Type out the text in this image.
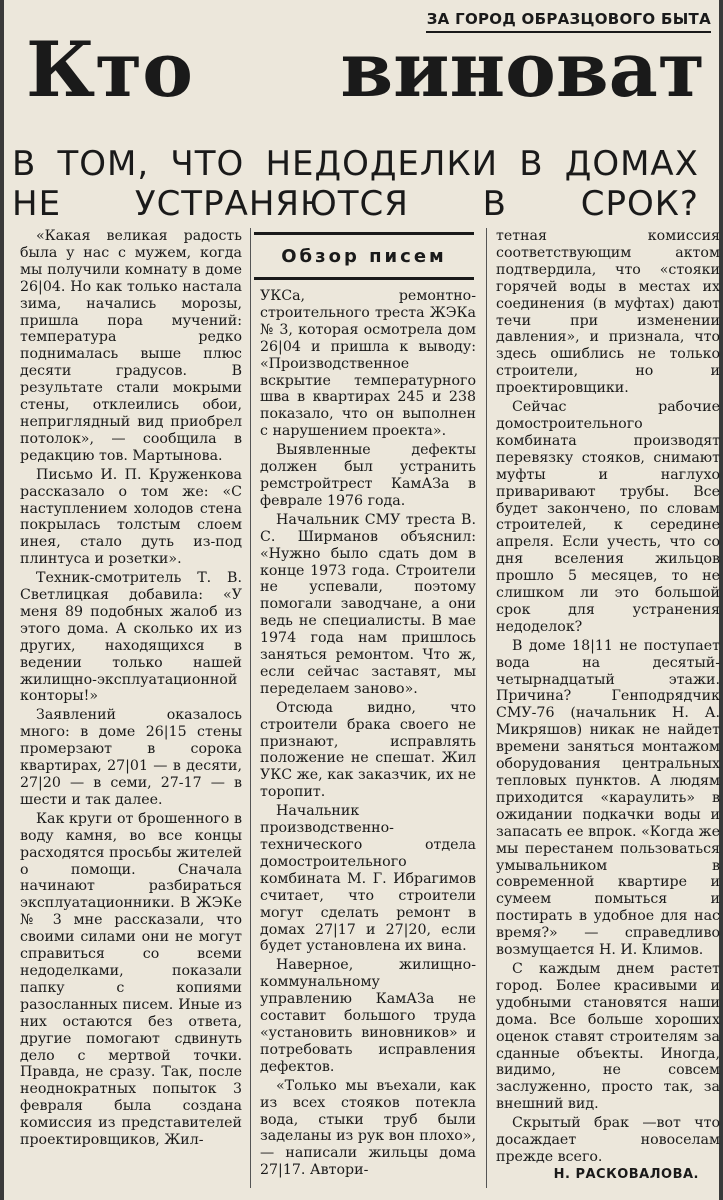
ЗА ГОРОД ОБРАЗЦОВОГО БЫТА
Кто виноват
В ТОМ, ЧТО НЕДОДЕЛКИ В ДОМАХ
НЕ УСТРАНЯЮТСЯ В СРОК?

«Какая великая радость была у нас с мужем, когда мы получили комнату в доме 26|04. Но как только настала зима, начались морозы, пришла пора мучений: температура редко поднималась выше плюс десяти градусов. В результате стали мокрыми стены, отклеились обои, неприглядный вид приобрел потолок», — сообщила в редакцию тов. Мартынова.

Письмо И. П. Круженкова рассказало о том же: «С наступлением холодов стена покрылась толстым слоем инея, стало дуть из-под плинтуса и розетки».

Техник-смотритель Т. В. Светлицкая добавила: «У меня 89 подобных жалоб из этого дома. А сколько их из других, находящихся в ведении только нашей жилищно-эксплуатационной конторы!»

Заявлений оказалось много: в доме 26|15 стены промерзают в сорока квартирах, 27|01 — в десяти, 27|20 — в семи, 27-17 — в шести и так далее.

Как круги от брошенного в воду камня, во все концы расходятся просьбы жителей о помощи. Сначала начинают разбираться эксплуатационники. В ЖЭКе № 3 мне рассказали, что своими силами они не могут справиться со всеми недоделками, показали папку с копиями разосланных писем. Иные из них остаются без ответа, другие помогают сдвинуть дело с мертвой точки. Правда, не сразу. Так, после неоднократных попыток 3 февраля была создана комиссия из представителей проектировщиков, Жил-

Обзор писем

УКСа, ремонтно-строительного треста ЖЭКа № 3, которая осмотрела дом 26|04 и пришла к выводу: «Производственное вскрытие температурного шва в квартирах 245 и 238 показало, что он выполнен с нарушением проекта».

Выявленные дефекты должен был устранить ремстройтрест КамАЗа в феврале 1976 года.

Начальник СМУ треста В. С. Ширманов объяснил: «Нужно было сдать дом в конце 1973 года. Строители не успевали, поэтому помогали заводчане, а они ведь не специалисты. В мае 1974 года нам пришлось заняться ремонтом. Что ж, если сейчас заставят, мы переделаем заново».

Отсюда видно, что строители брака своего не признают, исправлять положение не спешат. Жил УКС же, как заказчик, их не торопит.

Начальник производственно-технического отдела домостроительного комбината М. Г. Ибрагимов считает, что строители могут сделать ремонт в домах 27|17 и 27|20, если будет установлена их вина.

Наверное, жилищно-коммунальному управлению КамАЗа не составит большого труда «установить виновников» и потребовать исправления дефектов.

«Только мы въехали, как из всех стояков потекла вода, стыки труб были заделаны из рук вон плохо», — написали жильцы дома 27|17. Автори-

тетная комиссия соответствующим актом подтвердила, что «стояки горячей воды в местах их соединения (в муфтах) дают течи при изменении давления», и признала, что здесь ошиблись не только строители, но и проектировщики.

Сейчас рабочие домостроительного комбината производят перевязку стояков, снимают муфты и наглухо приваривают трубы. Все будет закончено, по словам строителей, к середине апреля. Если учесть, что со дня вселения жильцов прошло 5 месяцев, то не слишком ли это большой срок для устранения недоделок?

В доме 18|11 не поступает вода на десятый-четырнадцатый этажи. Причина? Генподрядчик СМУ-76 (начальник Н. А. Микряшов) никак не найдет времени заняться монтажом оборудования центральных тепловых пунктов. А людям приходится «караулить» в ожидании подкачки воды и запасать ее впрок. «Когда же мы перестанем пользоваться умывальником в современной квартире и сумеем помыться и постирать в удобное для нас время?» — справедливо возмущается Н. И. Климов.

С каждым днем растет город. Более красивыми и удобными становятся наши дома. Все больше хороших оценок ставят строителям за сданные объекты. Иногда, видимо, не совсем заслуженно, просто так, за внешний вид.

Скрытый брак —вот что досаждает новоселам прежде всего.

Н. РАСКОВАЛОВА.
